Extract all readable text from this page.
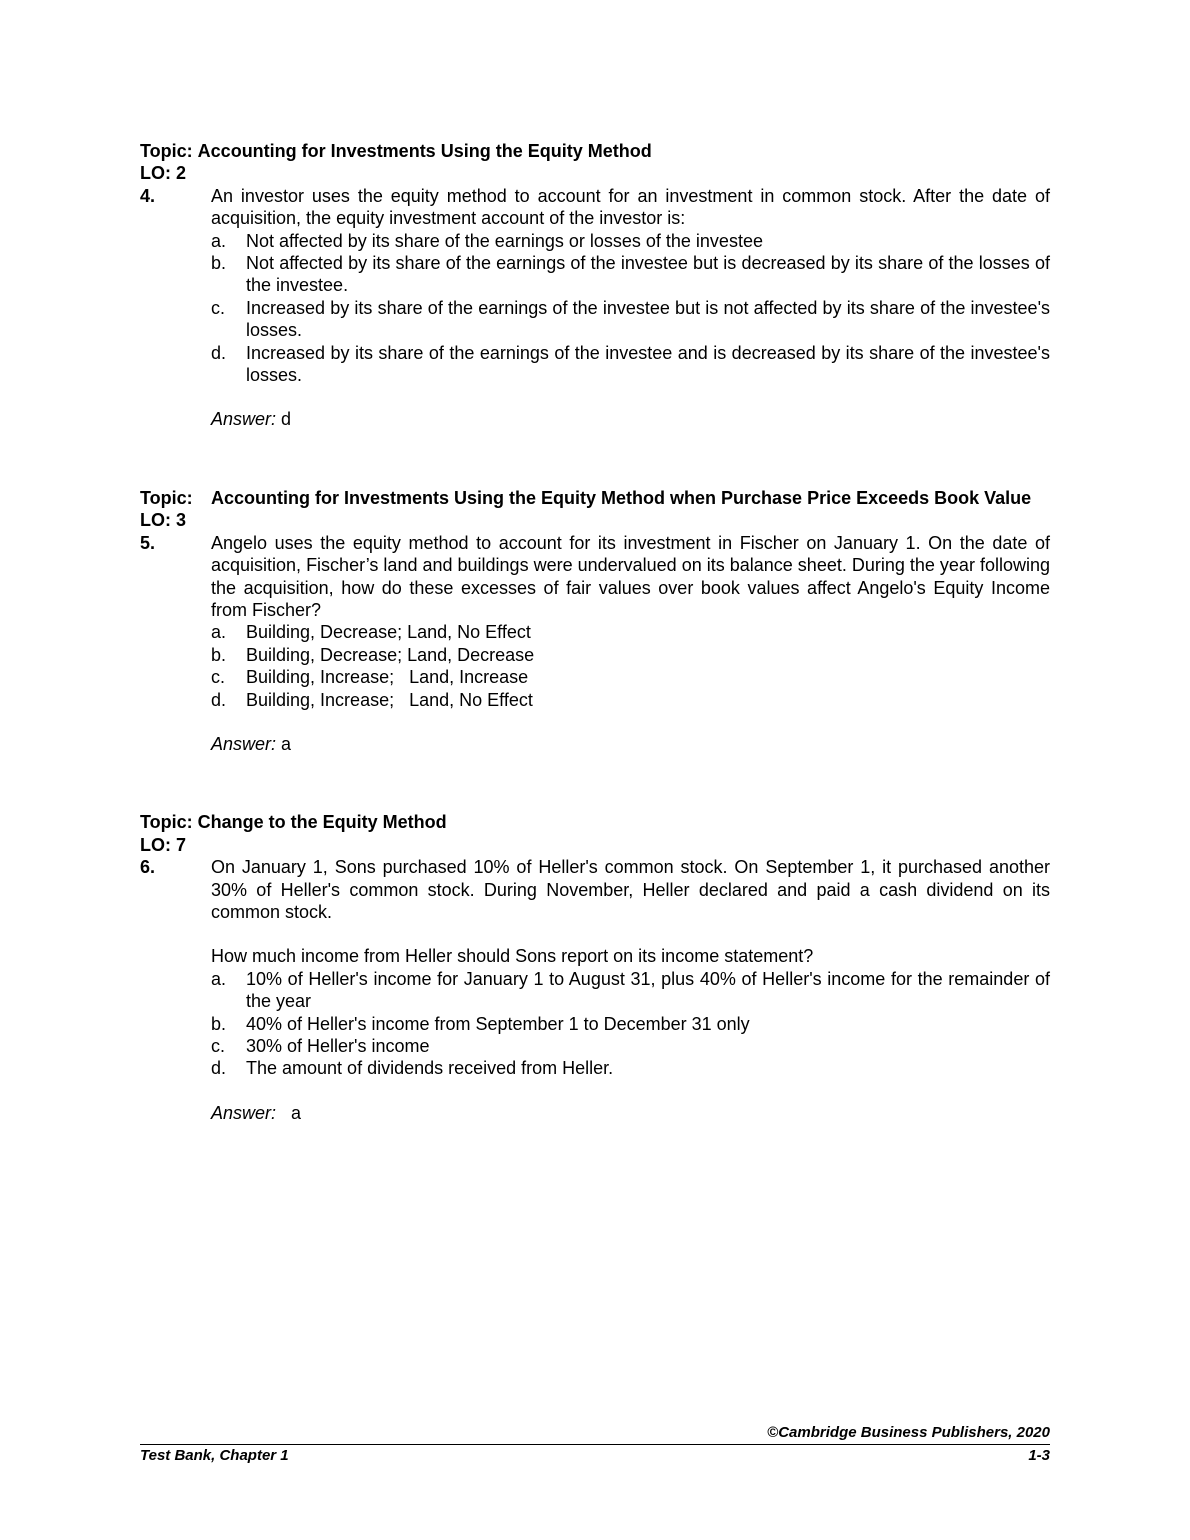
Topic:
Accounting for Investments Using the Equity Method
LO: 2
4.	An investor uses the equity method to account for an investment in common stock. After the date of acquisition, the equity investment account of the investor is:
a.	Not affected by its share of the earnings or losses of the investee
b.	Not affected by its share of the earnings of the investee but is decreased by its share of the losses of the investee.
c.	Increased by its share of the earnings of the investee but is not affected by its share of the investee's losses.
d.	Increased by its share of the earnings of the investee and is decreased by its share of the investee's losses.
Answer: d
Topic:	Accounting for Investments Using the Equity Method when Purchase Price Exceeds Book Value
LO: 3
5.	Angelo uses the equity method to account for its investment in Fischer on January 1. On the date of acquisition, Fischer’s land and buildings were undervalued on its balance sheet. During the year following the acquisition, how do these excesses of fair values over book values affect Angelo's Equity Income from Fischer?
a.	Building, Decrease; Land, No Effect
b.	Building, Decrease; Land, Decrease
c.	Building, Increase;   Land, Increase
d.	Building, Increase;   Land, No Effect
Answer: a
Topic:
Change to the Equity Method
LO: 7
6.	On January 1, Sons purchased 10% of Heller's common stock. On September 1, it purchased another 30% of Heller's common stock. During November, Heller declared and paid a cash dividend on its common stock.
How much income from Heller should Sons report on its income statement?
a.	10% of Heller's income for January 1 to August 31, plus 40% of Heller's income for the remainder of the year
b.	40% of Heller's income from September 1 to December 31 only
c.	30% of Heller's income
d.	The amount of dividends received from Heller.
Answer:   a
©Cambridge Business Publishers, 2020
Test Bank, Chapter 1	1-3
